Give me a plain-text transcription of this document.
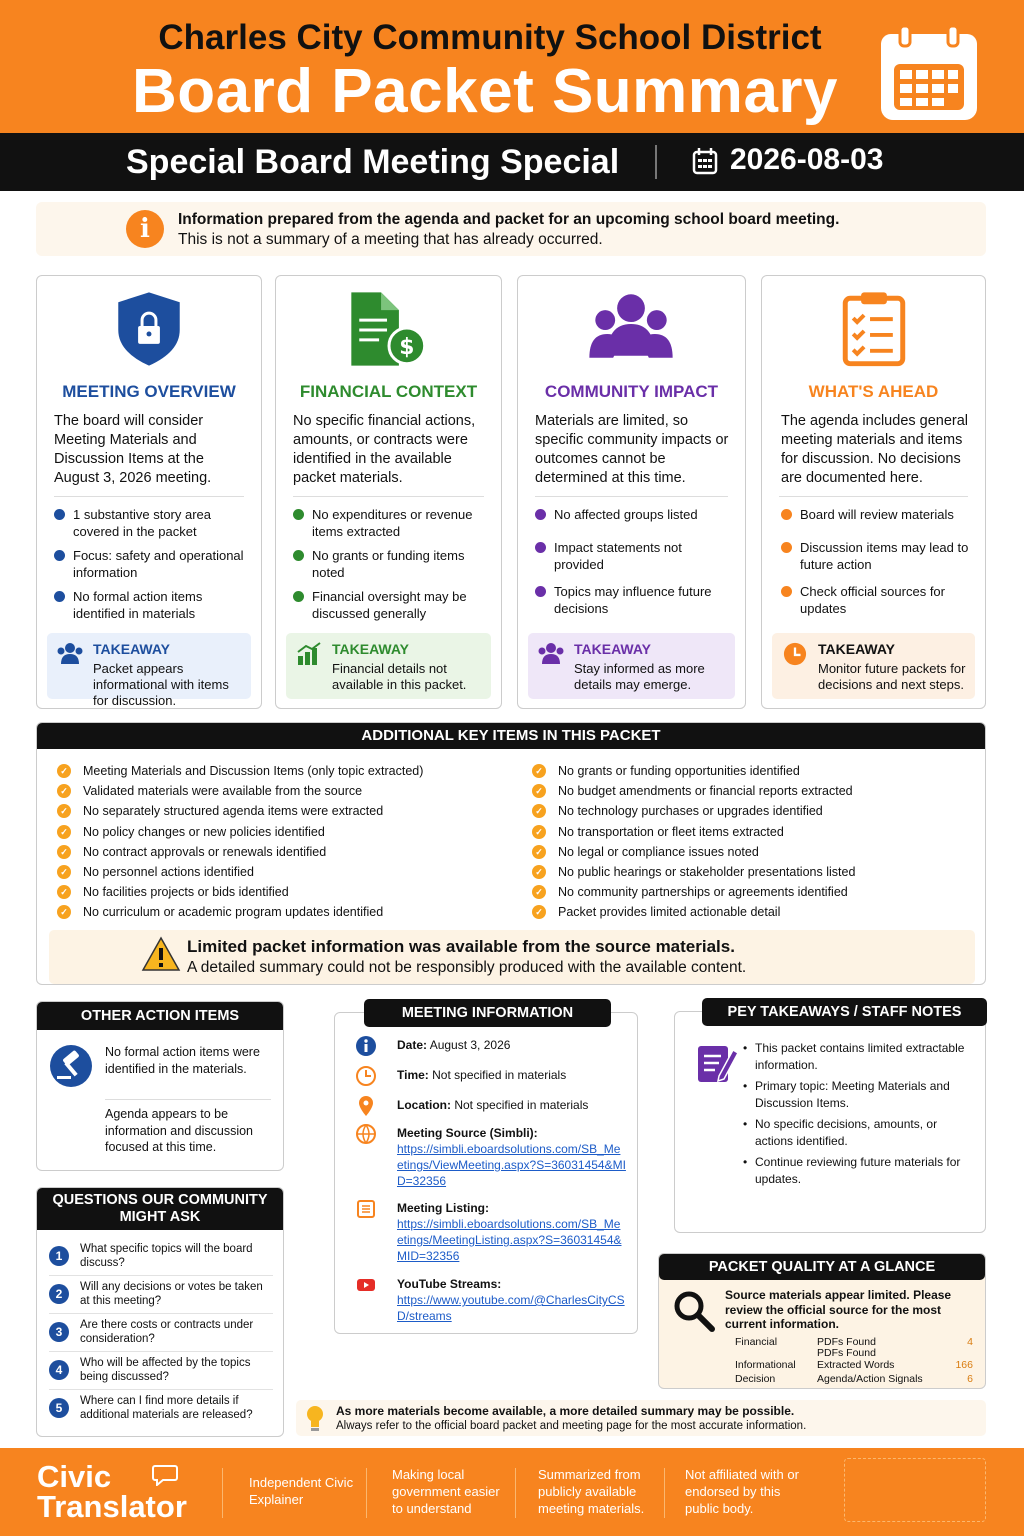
Charles City Community School District
Board Packet Summary
Special Board Meeting Special	2026-08-03
i	Information prepared from the agenda and packet for an upcoming school board meeting.
This is not a summary of a meeting that has already occurred.
MEETING OVERVIEW
The board will consider Meeting Materials and Discussion Items at the August 3, 2026 meeting.
1 substantive story area covered in the packet
Focus: safety and operational information
No formal action items identified in materials
TAKEAWAY
Packet appears informational with items for discussion.
$
FINANCIAL CONTEXT
No specific financial actions, amounts, or contracts were identified in the available packet materials.
No expenditures or revenue items extracted
No grants or funding items noted
Financial oversight may be discussed generally
TAKEAWAY
Financial details not available in this packet.
COMMUNITY IMPACT
Materials are limited, so specific community impacts or outcomes cannot be determined at this time.
No affected groups listed
Impact statements not provided
Topics may influence future decisions
TAKEAWAY
Stay informed as more details may emerge.
WHAT'S AHEAD
The agenda includes general meeting materials and items for discussion. No decisions are documented here.
Board will review materials
Discussion items may lead to future action
Check official sources for updates
TAKEAWAY
Monitor future packets for decisions and next steps.
ADDITIONAL KEY ITEMS IN THIS PACKET
✓ Meeting Materials and Discussion Items (only topic extracted)
✓ Validated materials were available from the source
✓ No separately structured agenda items were extracted
✓ No policy changes or new policies identified
✓ No contract approvals or renewals identified
✓ No personnel actions identified
✓ No facilities projects or bids identified
✓ No curriculum or academic program updates identified
✓ No grants or funding opportunities identified
✓ No budget amendments or financial reports extracted
✓ No technology purchases or upgrades identified
✓ No transportation or fleet items extracted
✓ No legal or compliance issues noted
✓ No public hearings or stakeholder presentations listed
✓ No community partnerships or agreements identified
✓ Packet provides limited actionable detail
Limited packet information was available from the source materials.
A detailed summary could not be responsibly produced with the available content.
OTHER ACTION ITEMS
No formal action items were identified in the materials.
Agenda appears to be information and discussion focused at this time.
QUESTIONS OUR COMMUNITY MIGHT ASK
1	What specific topics will the board discuss?
2	Will any decisions or votes be taken at this meeting?
3	Are there costs or contracts under consideration?
4	Who will be affected by the topics being discussed?
5	Where can I find more details if additional materials are released?
MEETING INFORMATION
Date: August 3, 2026
Time: Not specified in materials
Location: Not specified in materials
Meeting Source (Simbli):
https://simbli.eboardsolutions.com/SB_Meetings/ViewMeeting.aspx?S=36031454&MID=32356
Meeting Listing:
https://simbli.eboardsolutions.com/SB_Meetings/MeetingListing.aspx?S=36031454&MID=32356
YouTube Streams:
https://www.youtube.com/@CharlesCityCSD/streams
PEY TAKEAWAYS / STAFF NOTES
• This packet contains limited extractable information.
• Primary topic: Meeting Materials and Discussion Items.
• No specific decisions, amounts, or actions identified.
• Continue reviewing future materials for updates.
PACKET QUALITY AT A GLANCE
Source materials appear limited. Please review the official source for the most current information.
Financial	PDFs Found	4
PDFs Found
Informational Extracted Words	166
Decision	Agenda/Action Signals	6
As more materials become available, a more detailed summary may be possible.
Always refer to the official board packet and meeting page for the most accurate information.
Civic
Translator
Independent Civic Explainer
Making local government easier to understand
Summarized from publicly available meeting materials.
Not affiliated with or endorsed by this public body.
